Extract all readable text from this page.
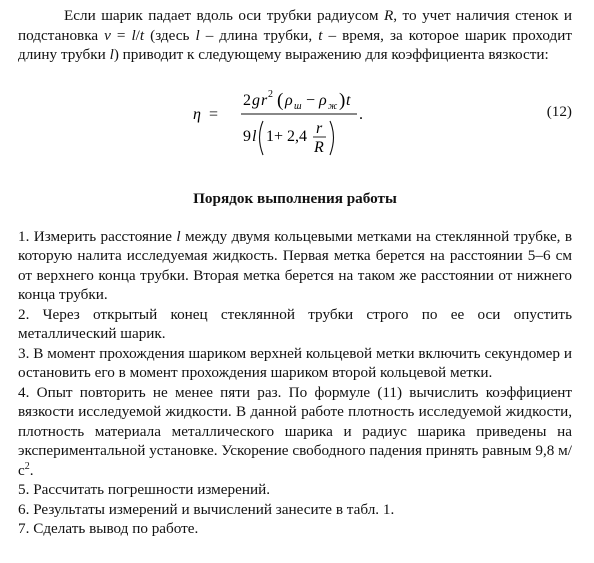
Если шарик падает вдоль оси трубки радиусом R, то учет наличия стенок и подстановка v = l/t (здесь l – длина трубки, t – время, за которое шарик проходит длину трубки l) приводит к следующему выражению для коэффициента вязкости:

η =
2 g r 2 ( ρ ш − ρ ж ) t
9 l 1+ 2,4 r
R
.	(12)
Порядок выполнения работы

1. Измерить расстояние l между двумя кольцевыми метками на стеклянной трубке, в которую налита исследуемая жидкость. Первая метка берется на расстоянии 5–6 см от верхнего конца трубки. Вторая метка берется на таком же расстоянии от нижнего конца трубки.

2. Через открытый конец стеклянной трубки строго по ее оси опустить металлический шарик.

3. В момент прохождения шариком верхней кольцевой метки включить секундомер и остановить его в момент прохождения шариком второй кольцевой метки.

4. Опыт повторить не менее пяти раз. По формуле (11) вычислить коэффициент вязкости исследуемой жидкости. В данной работе плотность исследуемой жидкости, плотность материала металлического шарика и радиус шарика приведены на экспериментальной установке. Ускорение свободного падения принять равным 9,8 $м/с^2$.

5. Рассчитать погрешности измерений.

6. Результаты измерений и вычислений занесите в табл. 1.

7. Сделать вывод по работе.
